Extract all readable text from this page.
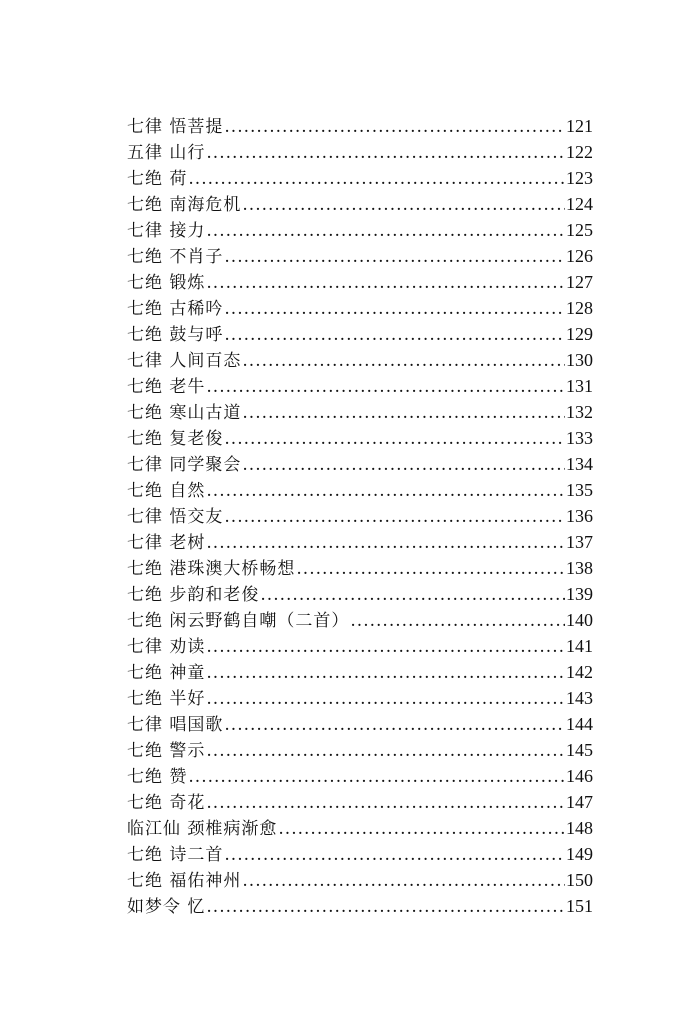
七律 悟菩提 .....	121
五律 山行 .....	122
七绝 荷 .....	123
七绝 南海危机 .....	124
七律 接力 .....	125
七绝 不肖子 .....	126
七绝 锻炼 .....	127
七绝 古稀吟 .....	128
七绝 鼓与呼 .....	129
七律 人间百态 .....	130
七绝 老牛 .....	131
七绝 寒山古道 .....	132
七绝 复老俊 .....	133
七律 同学聚会 .....	134
七绝 自然 .....	135
七律 悟交友 .....	136
七律 老树 .....	137
七绝 港珠澳大桥畅想 .....	138
七绝 步韵和老俊 .....	139
七绝 闲云野鹤自嘲（二首） .....	140
七律 劝读 .....	141
七绝 神童 .....	142
七绝 半好 .....	143
七律 唱国歌 .....	144
七绝 警示 .....	145
七绝 赞 .....	146
七绝 奇花 .....	147
临江仙 颈椎病渐愈 .....	148
七绝 诗二首 .....	149
七绝 福佑神州 .....	150
如梦令 忆 .....	151
